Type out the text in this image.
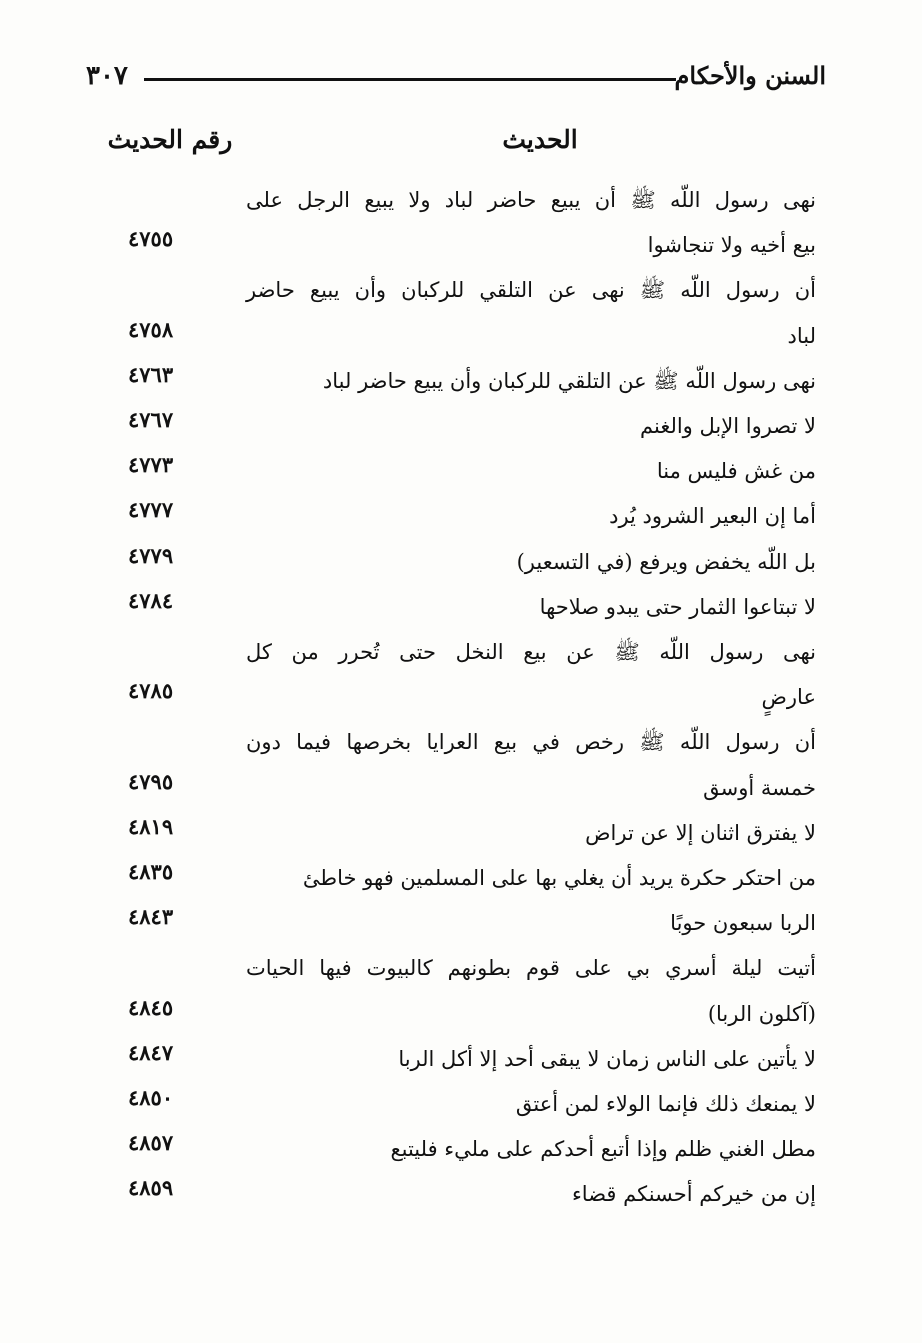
٣٠٧	السنن والأحكام
الحديث
رقم الحديث
نهى رسول اللّه ﷺ أن يبيع حاضر لباد ولا يبيع الرجل على
بيع أخيه ولا تنجاشوا
٤٧٥٥
أن رسول اللّه ﷺ نهى عن التلقي للركبان وأن يبيع حاضر
لباد
٤٧٥٨
نهى رسول اللّه ﷺ عن التلقي للركبان وأن يبيع حاضر لباد
٤٧٦٣
لا تصروا الإبل والغنم
٤٧٦٧
من غش فليس منا
٤٧٧٣
أما إن البعير الشرود يُرد
٤٧٧٧
بل اللّه يخفض ويرفع (في التسعير)
٤٧٧٩
لا تبتاعوا الثمار حتى يبدو صلاحها
٤٧٨٤
نهى رسول اللّه ﷺ عن بيع النخل حتى تُحرر من كل
عارضٍ
٤٧٨٥
أن رسول اللّه ﷺ رخص في بيع العرايا بخرصها فيما دون
خمسة أوسق
٤٧٩٥
لا يفترق اثنان إلا عن تراض
٤٨١٩
من احتكر حكرة يريد أن يغلي بها على المسلمين فهو خاطئ
٤٨٣٥
الربا سبعون حوبًا
٤٨٤٣
أتيت ليلة أسري بي على قوم بطونهم كالبيوت فيها الحيات
(آكلون الربا)
٤٨٤٥
لا يأتين على الناس زمان لا يبقى أحد إلا أكل الربا
٤٨٤٧
لا يمنعك ذلك فإنما الولاء لمن أعتق
٤٨٥٠
مطل الغني ظلم وإذا أتبع أحدكم على مليء فليتبع
٤٨٥٧
إن من خيركم أحسنكم قضاء
٤٨٥٩
